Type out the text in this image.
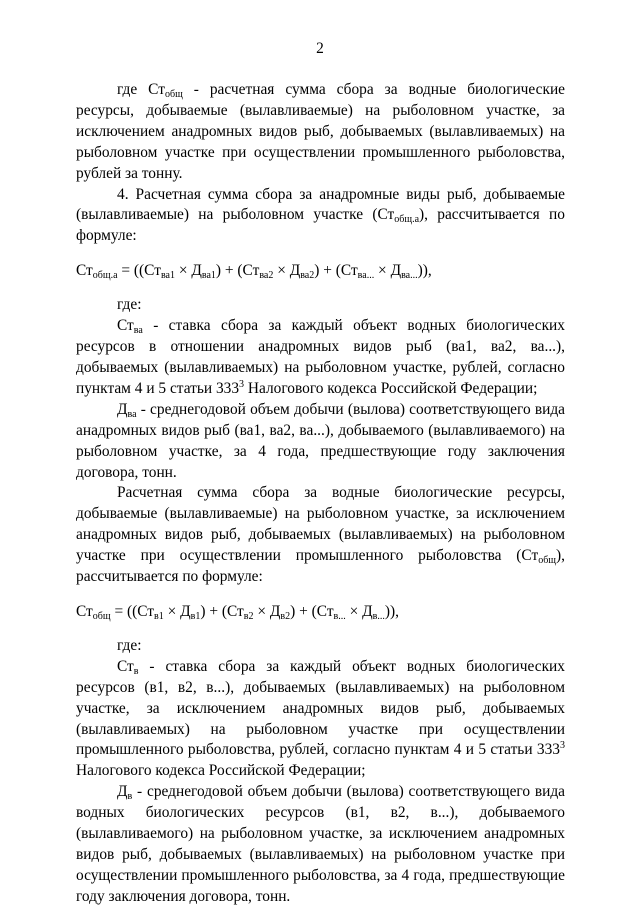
2

где $Ст_{общ}$ - расчетная сумма сбора за водные биологические ресурсы, добываемые (вылавливаемые) на рыболовном участке, за исключением анадромных видов рыб, добываемых (вылавливаемых) на рыболовном участке при осуществлении промышленного рыболовства, рублей за тонну.

4. Расчетная сумма сбора за анадромные виды рыб, добываемые (вылавливаемые) на рыболовном участке $(Ст_{общ.а})$, рассчитывается по формуле:

$Ст_{общ.а} = ((Ст_{ва1} \times Д_{ва1}) + (Ст_{ва2} \times Д_{ва2}) + (Ст_{ва...} \times Д_{ва...}))$,

где:

$Ст_{ва}$ - ставка сбора за каждый объект водных биологических ресурсов в отношении анадромных видов рыб (ва1, ва2, ва...), добываемых (вылавливаемых) на рыболовном участке, рублей, согласно пунктам 4 и 5 статьи $333^3$ Налогового кодекса Российской Федерации;

$Д_{ва}$ - среднегодовой объем добычи (вылова) соответствующего вида анадромных видов рыб (ва1, ва2, ва...), добываемого (вылавливаемого) на рыболовном участке, за 4 года, предшествующие году заключения договора, тонн.

Расчетная сумма сбора за водные биологические ресурсы, добываемые (вылавливаемые) на рыболовном участке, за исключением анадромных видов рыб, добываемых (вылавливаемых) на рыболовном участке при осуществлении промышленного рыболовства $(Ст_{общ})$, рассчитывается по формуле:

$Ст_{общ} = ((Ст_{в1} \times Д_{в1}) + (Ст_{в2} \times Д_{в2}) + (Ст_{в...} \times Д_{в...}))$,

где:

$Ст_в$ - ставка сбора за каждый объект водных биологических ресурсов (в1, в2, в...), добываемых (вылавливаемых) на рыболовном участке, за исключением анадромных видов рыб, добываемых (вылавливаемых) на рыболовном участке при осуществлении промышленного рыболовства, рублей, согласно пунктам 4 и 5 статьи $333^3$ Налогового кодекса Российской Федерации;

$Д_в$ - среднегодовой объем добычи (вылова) соответствующего вида водных биологических ресурсов (в1, в2, в...), добываемого (вылавливаемого) на рыболовном участке, за исключением анадромных видов рыб, добываемых (вылавливаемых) на рыболовном участке при осуществлении промышленного рыболовства, за 4 года, предшествующие году заключения договора, тонн.
